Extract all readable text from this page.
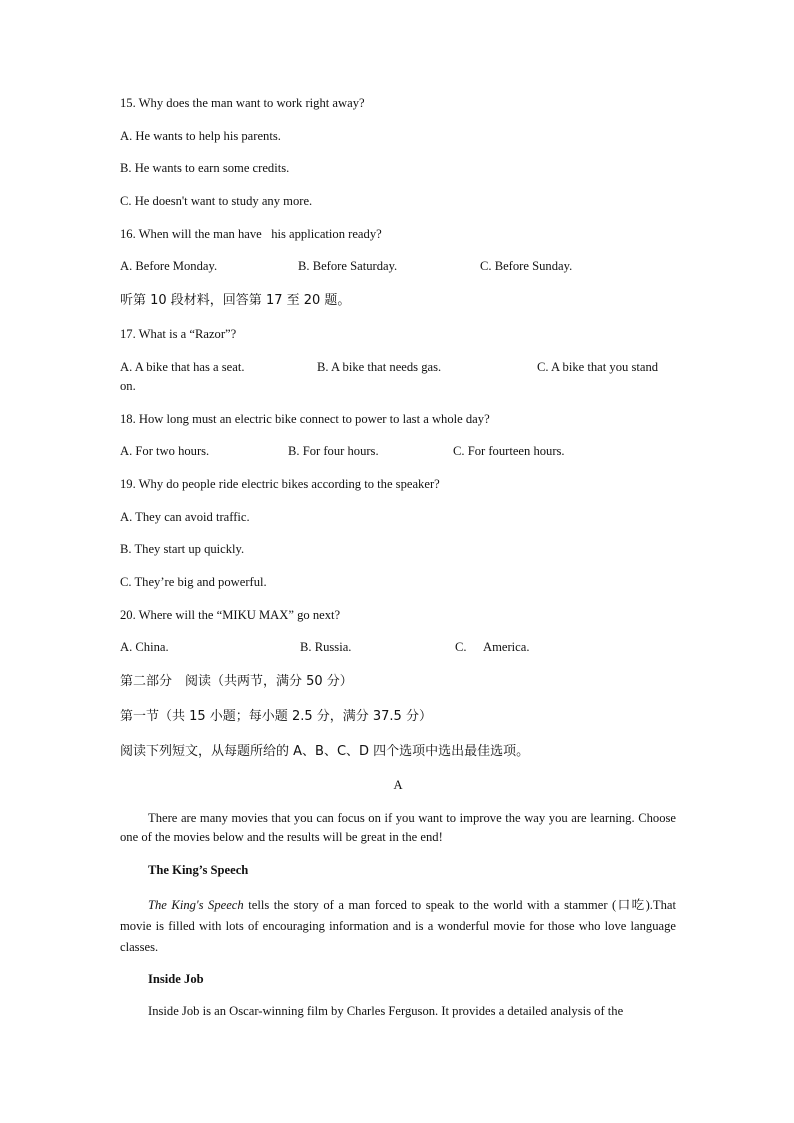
15. Why does the man want to work right away?
A. He wants to help his parents.
B. He wants to earn some credits.
C. He doesn't want to study any more.
16. When will the man have   his application ready?
A. Before Monday.	B. Before Saturday.	C. Before Sunday.
听第 10 段材料，回答第 17 至 20 题。
17. What is a “Razor”?
A. A bike that has a seat.	B. A bike that needs gas.	C. A bike that you stand
on.
18. How long must an electric bike connect to power to last a whole day?
A. For two hours.	B. For four hours.	C. For fourteen hours.
19. Why do people ride electric bikes according to the speaker?
A. They can avoid traffic.
B. They start up quickly.
C. They’re big and powerful.
20. Where will the “MIKU MAX” go next?
A. China.	B. Russia.	C. America.
第二部分　阅读（共两节，满分 50 分）
第一节（共 15 小题；每小题 2.5 分，满分 37.5 分）
阅读下列短文，从每题所给的 A、B、C、D 四个选项中选出最佳选项。
A
There are many movies that you can focus on if you want to improve the way you are learning. Choose one of the movies below and the results will be great in the end!
The King’s Speech
The King's Speech tells the story of a man forced to speak to the world with a stammer (口吃).That movie is filled with lots of encouraging information and is a wonderful movie for those who love language classes.
Inside Job
Inside Job is an Oscar-winning film by Charles Ferguson. It provides a detailed analysis of the
